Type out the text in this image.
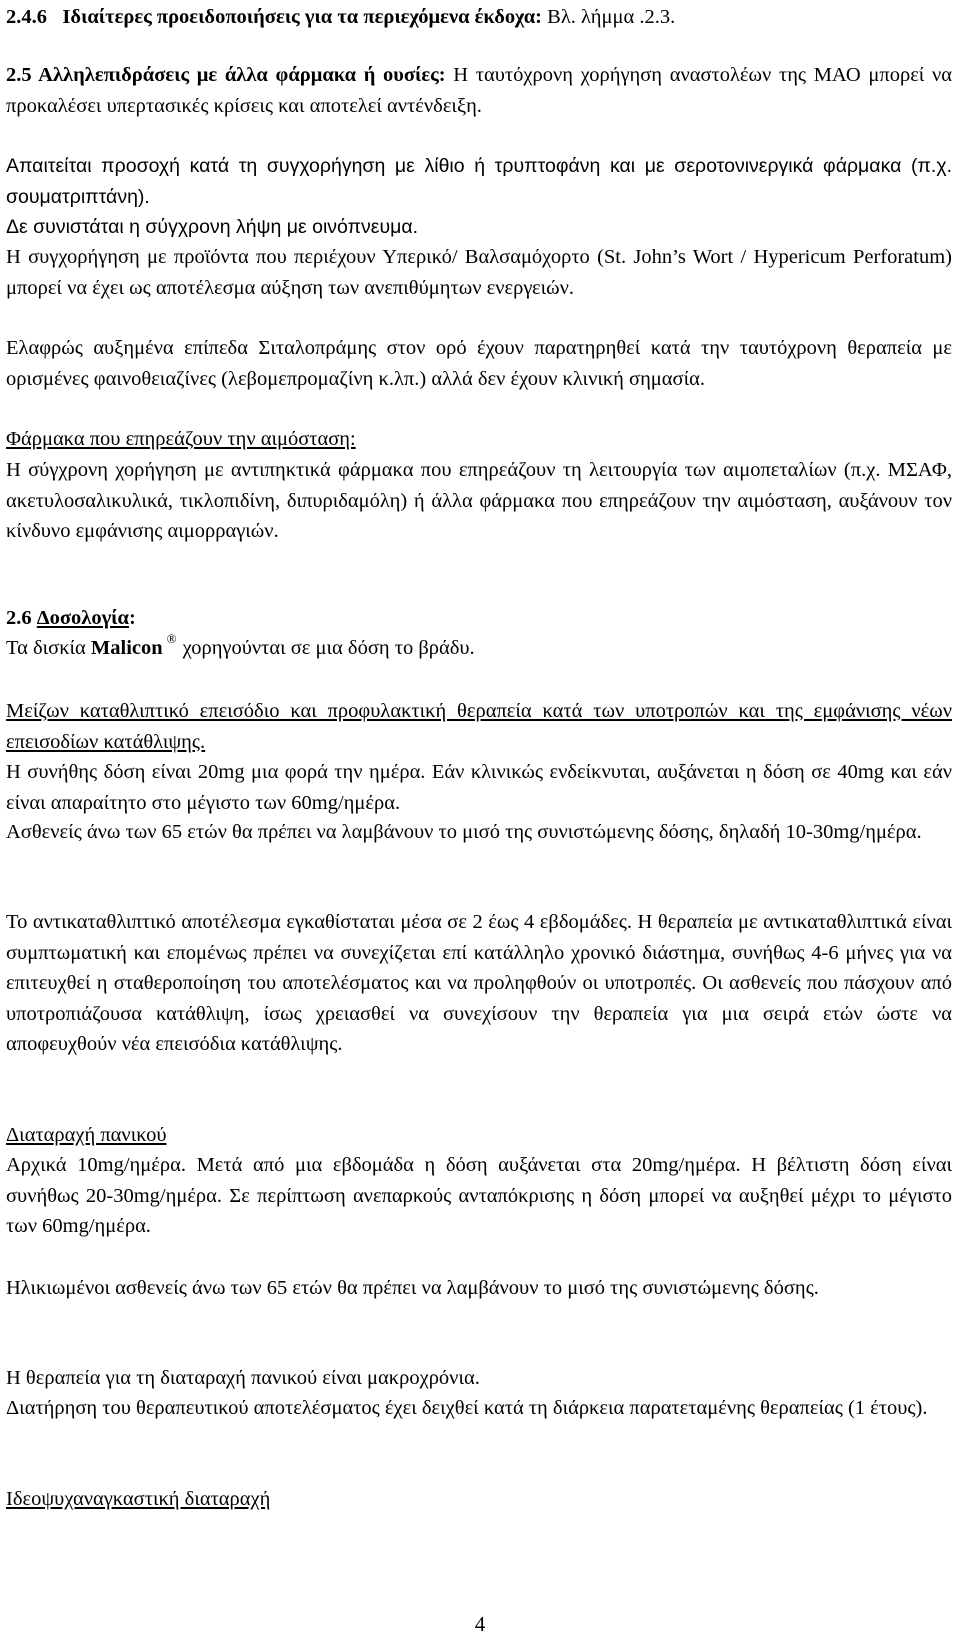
2.4.6 Ιδιαίτερες προειδοποιήσεις για τα περιεχόμενα έκδοχα: Βλ. λήμμα .2.3.
2.5 Αλληλεπιδράσεις με άλλα φάρμακα ή ουσίες: Η ταυτόχρονη χορήγηση αναστολέων της ΜΑΟ μπορεί να προκαλέσει υπερτασικές κρίσεις και αποτελεί αντένδειξη.
Απαιτείται προσοχή κατά τη συγχορήγηση με λίθιο ή τρυπτοφάνη και με σεροτονινεργικά φάρμακα (π.χ. σουματριπτάνη).
Δε συνιστάται η σύγχρονη λήψη με οινόπνευμα.
Η συγχορήγηση με προϊόντα που περιέχουν Υπερικό/ Βαλσαμόχορτο (St. John’s Wort / Hypericum Perforatum) μπορεί να έχει ως αποτέλεσμα αύξηση των ανεπιθύμητων ενεργειών.
Ελαφρώς αυξημένα επίπεδα Σιταλοπράμης στον ορό έχουν παρατηρηθεί κατά την ταυτόχρονη θεραπεία με ορισμένες φαινοθειαζίνες (λεβομεπρομαζίνη κ.λπ.) αλλά δεν έχουν κλινική σημασία.
Φάρμακα που επηρεάζουν την αιμόσταση:
Η σύγχρονη χορήγηση με αντιπηκτικά φάρμακα που επηρεάζουν τη λειτουργία των αιμοπεταλίων (π.χ. ΜΣΑΦ, ακετυλοσαλικυλικά, τικλοπιδίνη, διπυριδαμόλη) ή άλλα φάρμακα που επηρεάζουν την αιμόσταση, αυξάνουν τον κίνδυνο εμφάνισης αιμορραγιών.
2.6 Δοσολογία:
Τα δισκία Malicon ® χορηγούνται σε μια δόση το βράδυ.
Μείζων καταθλιπτικό επεισόδιο και προφυλακτική θεραπεία κατά των υποτροπών και της εμφάνισης νέων επεισοδίων κατάθλιψης.
Η συνήθης δόση είναι 20mg μια φορά την ημέρα. Εάν κλινικώς ενδείκνυται, αυξάνεται η δόση σε 40mg και εάν είναι απαραίτητο στο μέγιστο των 60mg/ημέρα.
Ασθενείς άνω των 65 ετών θα πρέπει να λαμβάνουν το μισό της συνιστώμενης δόσης, δηλαδή 10-30mg/ημέρα.
Το αντικαταθλιπτικό αποτέλεσμα εγκαθίσταται μέσα σε 2 έως 4 εβδομάδες. Η θεραπεία με αντικαταθλιπτικά είναι συμπτωματική και επομένως πρέπει να συνεχίζεται επί κατάλληλο χρονικό διάστημα, συνήθως 4-6 μήνες για να επιτευχθεί η σταθεροποίηση του αποτελέσματος και να προληφθούν οι υποτροπές. Οι ασθενείς που πάσχουν από υποτροπιάζουσα κατάθλιψη, ίσως χρειασθεί να συνεχίσουν την θεραπεία για μια σειρά ετών ώστε να αποφευχθούν νέα επεισόδια κατάθλιψης.
Διαταραχή πανικού
Αρχικά 10mg/ημέρα. Μετά από μια εβδομάδα η δόση αυξάνεται στα 20mg/ημέρα. Η βέλτιστη δόση είναι συνήθως 20-30mg/ημέρα. Σε περίπτωση ανεπαρκούς ανταπόκρισης η δόση μπορεί να αυξηθεί μέχρι το μέγιστο των 60mg/ημέρα.
Ηλικιωμένοι ασθενείς άνω των 65 ετών θα πρέπει να λαμβάνουν το μισό της συνιστώμενης δόσης.
Η θεραπεία για τη διαταραχή πανικού είναι μακροχρόνια.
Διατήρηση του θεραπευτικού αποτελέσματος έχει δειχθεί κατά τη διάρκεια παρατεταμένης θεραπείας (1 έτους).
Ιδεοψυχαναγκαστική διαταραχή
4
